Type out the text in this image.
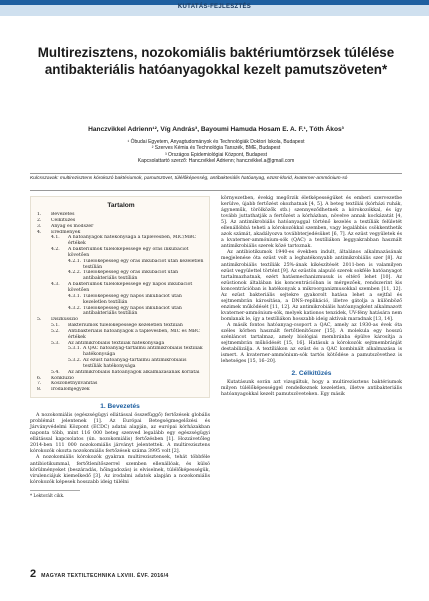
KUTATÁS-FEJLESZTÉS
Multirezisztens, nozokomiális baktériumtörzsek túlélése antibakteriális hatóanyagokkal kezelt pamutszöveten*
Hanczvikkel Adrienn¹², Víg András³, Bayoumi Hamuda Hosam E. A. F.¹, Tóth Ákos³
¹ Óbudai Egyetem, Anyagtudományok és Technológiák Doktori Iskola, Budapest
² Szerves Kémia és Technológia Tanszék, BME, Budapest
³ Országos Epidemiológiai Központ, Budapest
Kapcsolattartó szerző: Hanczvikkel Adrienn; hanczvikkel.a@gmail.com
Kulcsszavak: multirezisztens kórokozó baktériumok, pamutszövet, túlélőképesség, antibakteriális hatóanyag, ezüst-klorid, kvaterner-ammónium-só
Tartalom
1.	Bevezetés
2.	Célkitűzés
3.	Anyag és módszer
4.	Eredmények
4.1.	A hatóanyagok hatékonysága a táplevesben, MIC/MBC értékek
4.2.	A baktériumok túlélőképessége egy órás inkubációt követően
4.2.1. Túlélőképesség egy órás inkubációt után kezeletlen textílián
4.2.2. Túlélőképesség egy órás inkubációt után antibakteriális textílián
4.3.	A baktériumok túlélőképessége egy napos inkubációt követően
4.3.1. Túlélőképesség egy napos inkubációt után kezeletlen textílián
4.3.2. Túlélőképesség egy napos inkubációt után antibakteriális textílián
5.	Diszkusszió
5.1.	Baktériumok túlélőképessége kezeletlen textílián
5.2.	Antibakteriális hatóanyagok a táplevesben, MIC és MBC értékek
5.3.	Az antimikrobiális textíliák hatékonysága
5.3.1. A QAC hatóanyag-tartalmú antimikrobiális textíliák hatékonysága
5.3.2. Az ezüst hatóanyag-tartalmú antimikrobiális textíliák hatékonysága
5.4.	Az antimikrobiális hatóanyagok alkalmazásának korlátai
6.	Konklúzió
7.	Köszönetnyilvánítás
8.	Irodalomjegyzék
1. Bevezetés

A nozokomiális (egészségügyi ellátással összefüggő) fertőzések globális problémát jelentenek [1]. Az Európai Betegségmegelőzési és Járványvédelmi Központ (ECDC) adatai alapján, az európai kórházakban naponta több, mint 116 000 beteg szenved legalább egy egészségügyi ellátással kapcsolatos (ún. nozokomiális) fertőzésben [1]. Hozzávetőleg 2014-ben 111 000 nozokomiális járványt jelentettek. A multirezisztens kórokozók okozta nozokomiális fertőzések száma 3995 volt [2].

A nozokomiális kórokozók gyakran multirezisztensek, tehát többféle antibiotikummal, fertőtlenítőszerrel szemben ellenállóak, és külsö körülményeket (beszáradás, hőingadozás) is elviselnek, túlélőképességük, virulenciájuk kiemelkedő [3]. Az irodalmi adatok alapján a nozokomiális kórokozók képesek hosszabb ideig túlélni

* Lektorált cikk.

környezetben, évekig megőrzik életképességüket és emberi szervezetbe kerülve, újabb fertőzést okozhatnak [4, 5]. A beteg textíliái (kórházi ruhák, ágyneműk, törölközők stb.) szennyeződhetnek a kórokozókkal, és így tovább juttathatják a fertőzést a kórházban, növelve annak kockázatát [4, 5]. Az antimikrobiális hatóanyaggal történő kezelés a textíliák felületét ellenállóbbá teheti a kórokozókkal szemben, vagy legalábbis csökkenthetik azok számát, akadályozva továbbterjedésüket [6, 7]. Az ezüst vegyületek és a kvaterner-ammónium-sók (QAC) a textíliákon leggyakrabban használt antimikrobiális szerek közé tartoznak.

Az antibiotikumok 1940-es években indult, általános alkalmazásának megjelenése óta ezüst volt a leghatékonyabb antimikrobiális szer [8]. Az antimikrobiális textíliák 25%-ának kikészítését 2011-ben is valamilyen ezüst vegyülettel történt [9]. Az ezüstön alapuló szerek sokféle hatóanyagot tartalmazhatnak, ezért hatásmechanizmusuk is eltérő lehet [10]. Az ezüstionok általában kis koncentrációban is mérgezőek, rendszerint kis koncentrációban is hatékonyak a mikroorganizmusokkal szemben [11, 12]. Az ezüst bakteriális sejtekre gyakorolt hatása lehet a sejtfal és sejtmembrán károsítása, a DNS-replikáció, illetve gátolja a különböző enzimek működését [11, 12]. Az antimikrobiális hatóanyagként alkalmazott kvaterner-ammónium-sók, melyek kationos tenzidek, UV-fény hatására nem bomlanak le, így a textíliákon hosszabb ideig aktívak maradnak [13, 14].

A másik fontos hatóanyag-csoport a QAC, amely az 1930-as évek óta széles körben használt fertőtlenítőszer [15]. A molekula egy hosszú szénláncot tartalmaz, amely biológiai membránba épülve károsítja a sejtmembrán működését [15, 16]. Hatásuk a kórokozók sejtmembránját destabilizálja. A textíliákon az ezüst és a QAC kombinált alkalmazása is ismert. A kvaterner-ammónium-sók tartós kötődése a pamutszövethez is lehetséges [15, 16–20].

2. Célkitűzés

Kutatásunk során azt vizsgáltuk, hogy a multirezisztens baktériumok milyen túlélőképességgel rendelkeznek kezeletlen, illetve antibakteriális hatóanyagokkal kezelt pamutszöveteken. Egy másik

2 MAGYAR TEXTILTECHNIKA LXVIII. ÉVF. 2016/4
